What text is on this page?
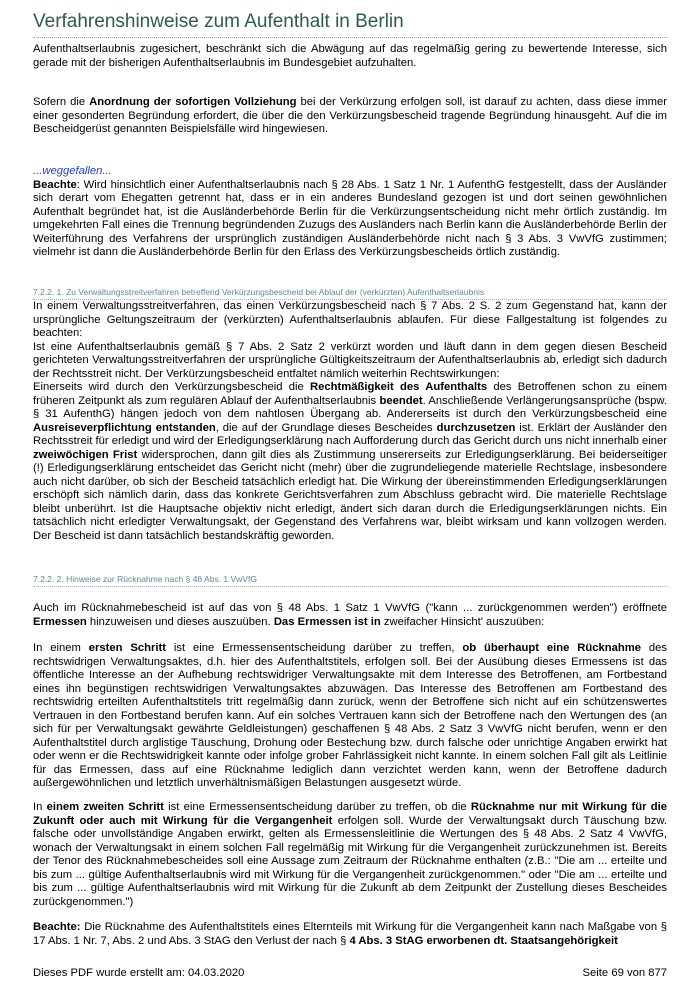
Verfahrenshinweise zum Aufenthalt in Berlin

Aufenthaltserlaubnis zugesichert, beschränkt sich die Abwägung auf das regelmäßig gering zu bewertende Interesse, sich gerade mit der bisherigen Aufenthaltserlaubnis im Bundesgebiet aufzuhalten.

Sofern die Anordnung der sofortigen Vollziehung bei der Verkürzung erfolgen soll, ist darauf zu achten, dass diese immer einer gesonderten Begründung erfordert, die über die den Verkürzungsbescheid tragende Begründung hinausgeht. Auf die im Bescheidgerüst genannten Beispielsfälle wird hingewiesen.

...weggefallen...
Beachte: Wird hinsichtlich einer Aufenthaltserlaubnis nach § 28 Abs. 1 Satz 1 Nr. 1 AufenthG festgestellt, dass der Ausländer sich derart vom Ehegatten getrennt hat, dass er in ein anderes Bundesland gezogen ist und dort seinen gewöhnlichen Aufenthalt begründet hat, ist die Ausländerbehörde Berlin für die Verkürzungsentscheidung nicht mehr örtlich zuständig. Im umgekehrten Fall eines die Trennung begründenden Zuzugs des Ausländers nach Berlin kann die Ausländerbehörde Berlin der Weiterführung des Verfahrens der ursprünglich zuständigen Ausländerbehörde nicht nach § 3 Abs. 3 VwVfG zustimmen; vielmehr ist dann die Ausländerbehörde Berlin für den Erlass des Verkürzungsbescheids örtlich zuständig.
7.2.2. 1. Zu Verwaltungsstreitverfahren betreffend Verkürzungsbescheid bei Ablauf der (verkürzten) Aufenthaltserlaubnis
In einem Verwaltungsstreitverfahren, das einen Verkürzungsbescheid nach § 7 Abs. 2 S. 2 zum Gegenstand hat, kann der ursprüngliche Geltungszeitraum der (verkürzten) Aufenthaltserlaubnis ablaufen. Für diese Fallgestaltung ist folgendes zu beachten:
Ist eine Aufenthaltserlaubnis gemäß § 7 Abs. 2 Satz 2 verkürzt worden und läuft dann in dem gegen diesen Bescheid gerichteten Verwaltungsstreitverfahren der ursprüngliche Gültigkeitszeitraum der Aufenthaltserlaubnis ab, erledigt sich dadurch der Rechtsstreit nicht. Der Verkürzungsbescheid entfaltet nämlich weiterhin Rechtswirkungen:
Einerseits wird durch den Verkürzungsbescheid die Rechtmäßigkeit des Aufenthalts des Betroffenen schon zu einem früheren Zeitpunkt als zum regulären Ablauf der Aufenthaltserlaubnis beendet. Anschließende Verlängerungsansprüche (bspw. § 31 AufenthG) hängen jedoch von dem nahtlosen Übergang ab. Andererseits ist durch den Verkürzungsbescheid eine Ausreiseverpflichtung entstanden, die auf der Grundlage dieses Bescheides durchzusetzen ist. Erklärt der Ausländer den Rechtsstreit für erledigt und wird der Erledigungserklärung nach Aufforderung durch das Gericht durch uns nicht innerhalb einer zweiwöchigen Frist widersprochen, dann gilt dies als Zustimmung unsererseits zur Erledigungserklärung. Bei beiderseitiger (!) Erledigungserklärung entscheidet das Gericht nicht (mehr) über die zugrundeliegende materielle Rechtslage, insbesondere auch nicht darüber, ob sich der Bescheid tatsächlich erledigt hat. Die Wirkung der übereinstimmenden Erledigungserklärungen erschöpft sich nämlich darin, dass das konkrete Gerichtsverfahren zum Abschluss gebracht wird. Die materielle Rechtslage bleibt unberührt. Ist die Hauptsache objektiv nicht erledigt, ändert sich daran durch die Erledigungserklärungen nichts. Ein tatsächlich nicht erledigter Verwaltungsakt, der Gegenstand des Verfahrens war, bleibt wirksam und kann vollzogen werden. Der Bescheid ist dann tatsächlich bestandskräftig geworden.
7.2.2. 2. Hinweise zur Rücknahme nach § 48 Abs. 1 VwVfG

Auch im Rücknahmebescheid ist auf das von § 48 Abs. 1 Satz 1 VwVfG ("kann ... zurückgenommen werden") eröffnete Ermessen hinzuweisen und dieses auszuüben. Das Ermessen ist in zweifacher Hinsicht' auszuüben:

In einem ersten Schritt ist eine Ermessensentscheidung darüber zu treffen, ob überhaupt eine Rücknahme des rechtswidrigen Verwaltungsaktes, d.h. hier des Aufenthaltstitels, erfolgen soll. Bei der Ausübung dieses Ermessens ist das öffentliche Interesse an der Aufhebung rechtswidriger Verwaltungsakte mit dem Interesse des Betroffenen, am Fortbestand eines ihn begünstigen rechtswidrigen Verwaltungsaktes abzuwägen. Das Interesse des Betroffenen am Fortbestand des rechtswidrig erteilten Aufenthaltstitels tritt regelmäßig dann zurück, wenn der Betroffene sich nicht auf ein schützenswertes Vertrauen in den Fortbestand berufen kann. Auf ein solches Vertrauen kann sich der Betroffene nach den Wertungen des (an sich für per Verwaltungsakt gewährte Geldleistungen) geschaffenen § 48 Abs. 2 Satz 3 VwVfG nicht berufen, wenn er den Aufenthaltstitel durch arglistige Täuschung, Drohung oder Bestechung bzw. durch falsche oder unrichtige Angaben erwirkt hat oder wenn er die Rechtswidrigkeit kannte oder infolge grober Fahrlässigkeit nicht kannte. In einem solchen Fall gilt als Leitlinie für das Ermessen, dass auf eine Rücknahme lediglich dann verzichtet werden kann, wenn der Betroffene dadurch außergewöhnlichen und letztlich unverhältnismäßigen Belastungen ausgesetzt würde.

In einem zweiten Schritt ist eine Ermessensentscheidung darüber zu treffen, ob die Rücknahme nur mit Wirkung für die Zukunft oder auch mit Wirkung für die Vergangenheit erfolgen soll. Wurde der Verwaltungsakt durch Täuschung bzw. falsche oder unvollständige Angaben erwirkt, gelten als Ermessensleitlinie die Wertungen des § 48 Abs. 2 Satz 4 VwVfG, wonach der Verwaltungsakt in einem solchen Fall regelmäßig mit Wirkung für die Vergangenheit zurückzunehmen ist. Bereits der Tenor des Rücknahmebescheides soll eine Aussage zum Zeitraum der Rücknahme enthalten (z.B.: "Die am ... erteilte und bis zum ... gültige Aufenthaltserlaubnis wird mit Wirkung für die Vergangenheit zurückgenommen." oder "Die am ... erteilte und bis zum ... gültige Aufenthaltserlaubnis wird mit Wirkung für die Zukunft ab dem Zeitpunkt der Zustellung dieses Bescheides zurückgenommen.")

Beachte: Die Rücknahme des Aufenthaltstitels eines Elternteils mit Wirkung für die Vergangenheit kann nach Maßgabe von § 17 Abs. 1 Nr. 7, Abs. 2 und Abs. 3 StAG den Verlust der nach § 4 Abs. 3 StAG erworbenen dt. Staatsangehörigkeit

Dieses PDF wurde erstellt am: 04.03.2020	Seite 69 von 877
